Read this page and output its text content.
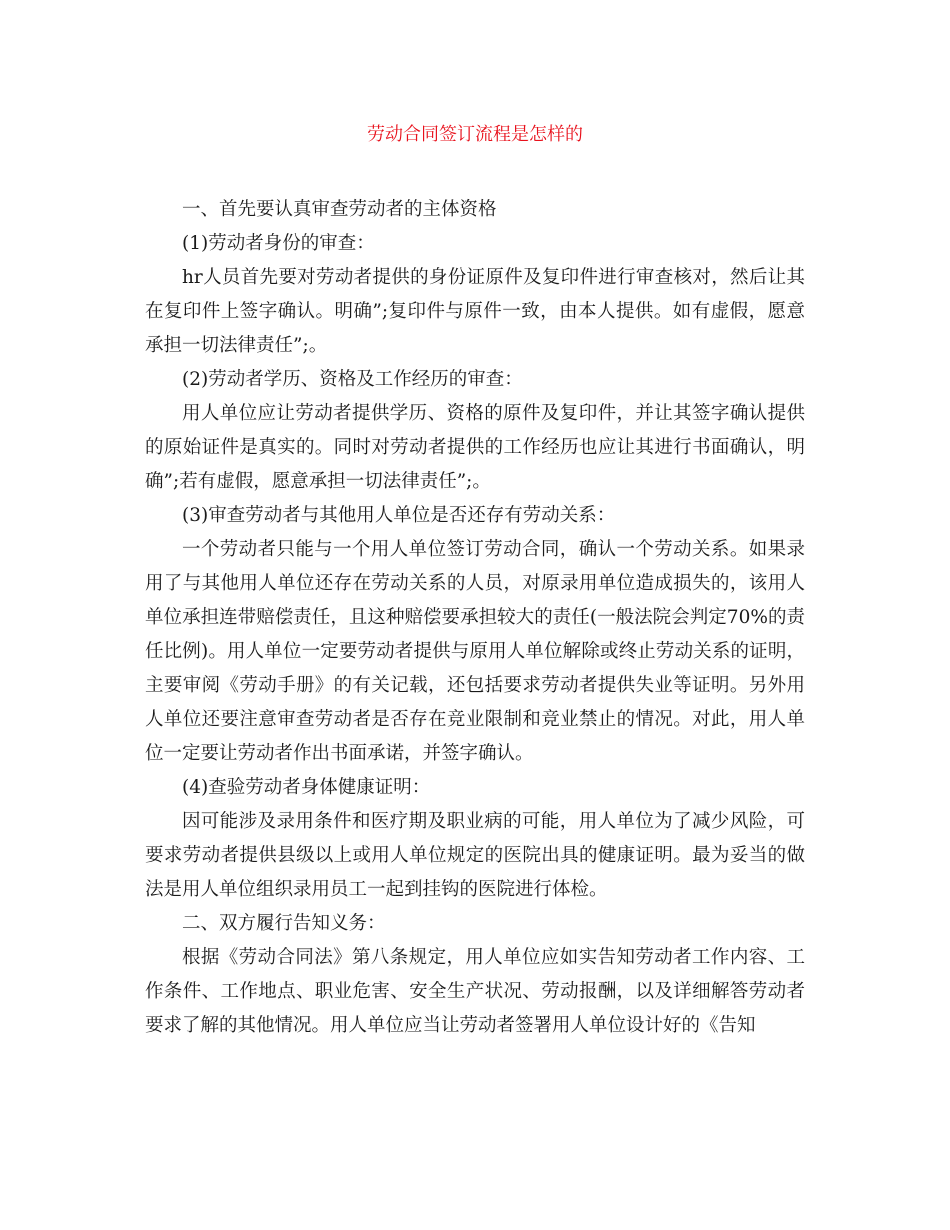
劳动合同签订流程是怎样的

一、首先要认真审查劳动者的主体资格

(1)劳动者身份的审查：

hr人员首先要对劳动者提供的身份证原件及复印件进行审查核对，然后让其在复印件上签字确认。明确”;复印件与原件一致，由本人提供。如有虚假，愿意承担一切法律责任”;。

(2)劳动者学历、资格及工作经历的审查：

用人单位应让劳动者提供学历、资格的原件及复印件，并让其签字确认提供的原始证件是真实的。同时对劳动者提供的工作经历也应让其进行书面确认，明确”;若有虚假，愿意承担一切法律责任”;。

(3)审查劳动者与其他用人单位是否还存有劳动关系：

一个劳动者只能与一个用人单位签订劳动合同，确认一个劳动关系。如果录用了与其他用人单位还存在劳动关系的人员，对原录用单位造成损失的，该用人单位承担连带赔偿责任，且这种赔偿要承担较大的责任(一般法院会判定70%的责任比例)。用人单位一定要劳动者提供与原用人单位解除或终止劳动关系的证明，主要审阅《劳动手册》的有关记载，还包括要求劳动者提供失业等证明。另外用人单位还要注意审查劳动者是否存在竞业限制和竞业禁止的情况。对此，用人单位一定要让劳动者作出书面承诺，并签字确认。

(4)查验劳动者身体健康证明：

因可能涉及录用条件和医疗期及职业病的可能，用人单位为了减少风险，可要求劳动者提供县级以上或用人单位规定的医院出具的健康证明。最为妥当的做法是用人单位组织录用员工一起到挂钩的医院进行体检。

二、双方履行告知义务：

根据《劳动合同法》第八条规定，用人单位应如实告知劳动者工作内容、工作条件、工作地点、职业危害、安全生产状况、劳动报酬，以及详细解答劳动者要求了解的其他情况。用人单位应当让劳动者签署用人单位设计好的《告知
